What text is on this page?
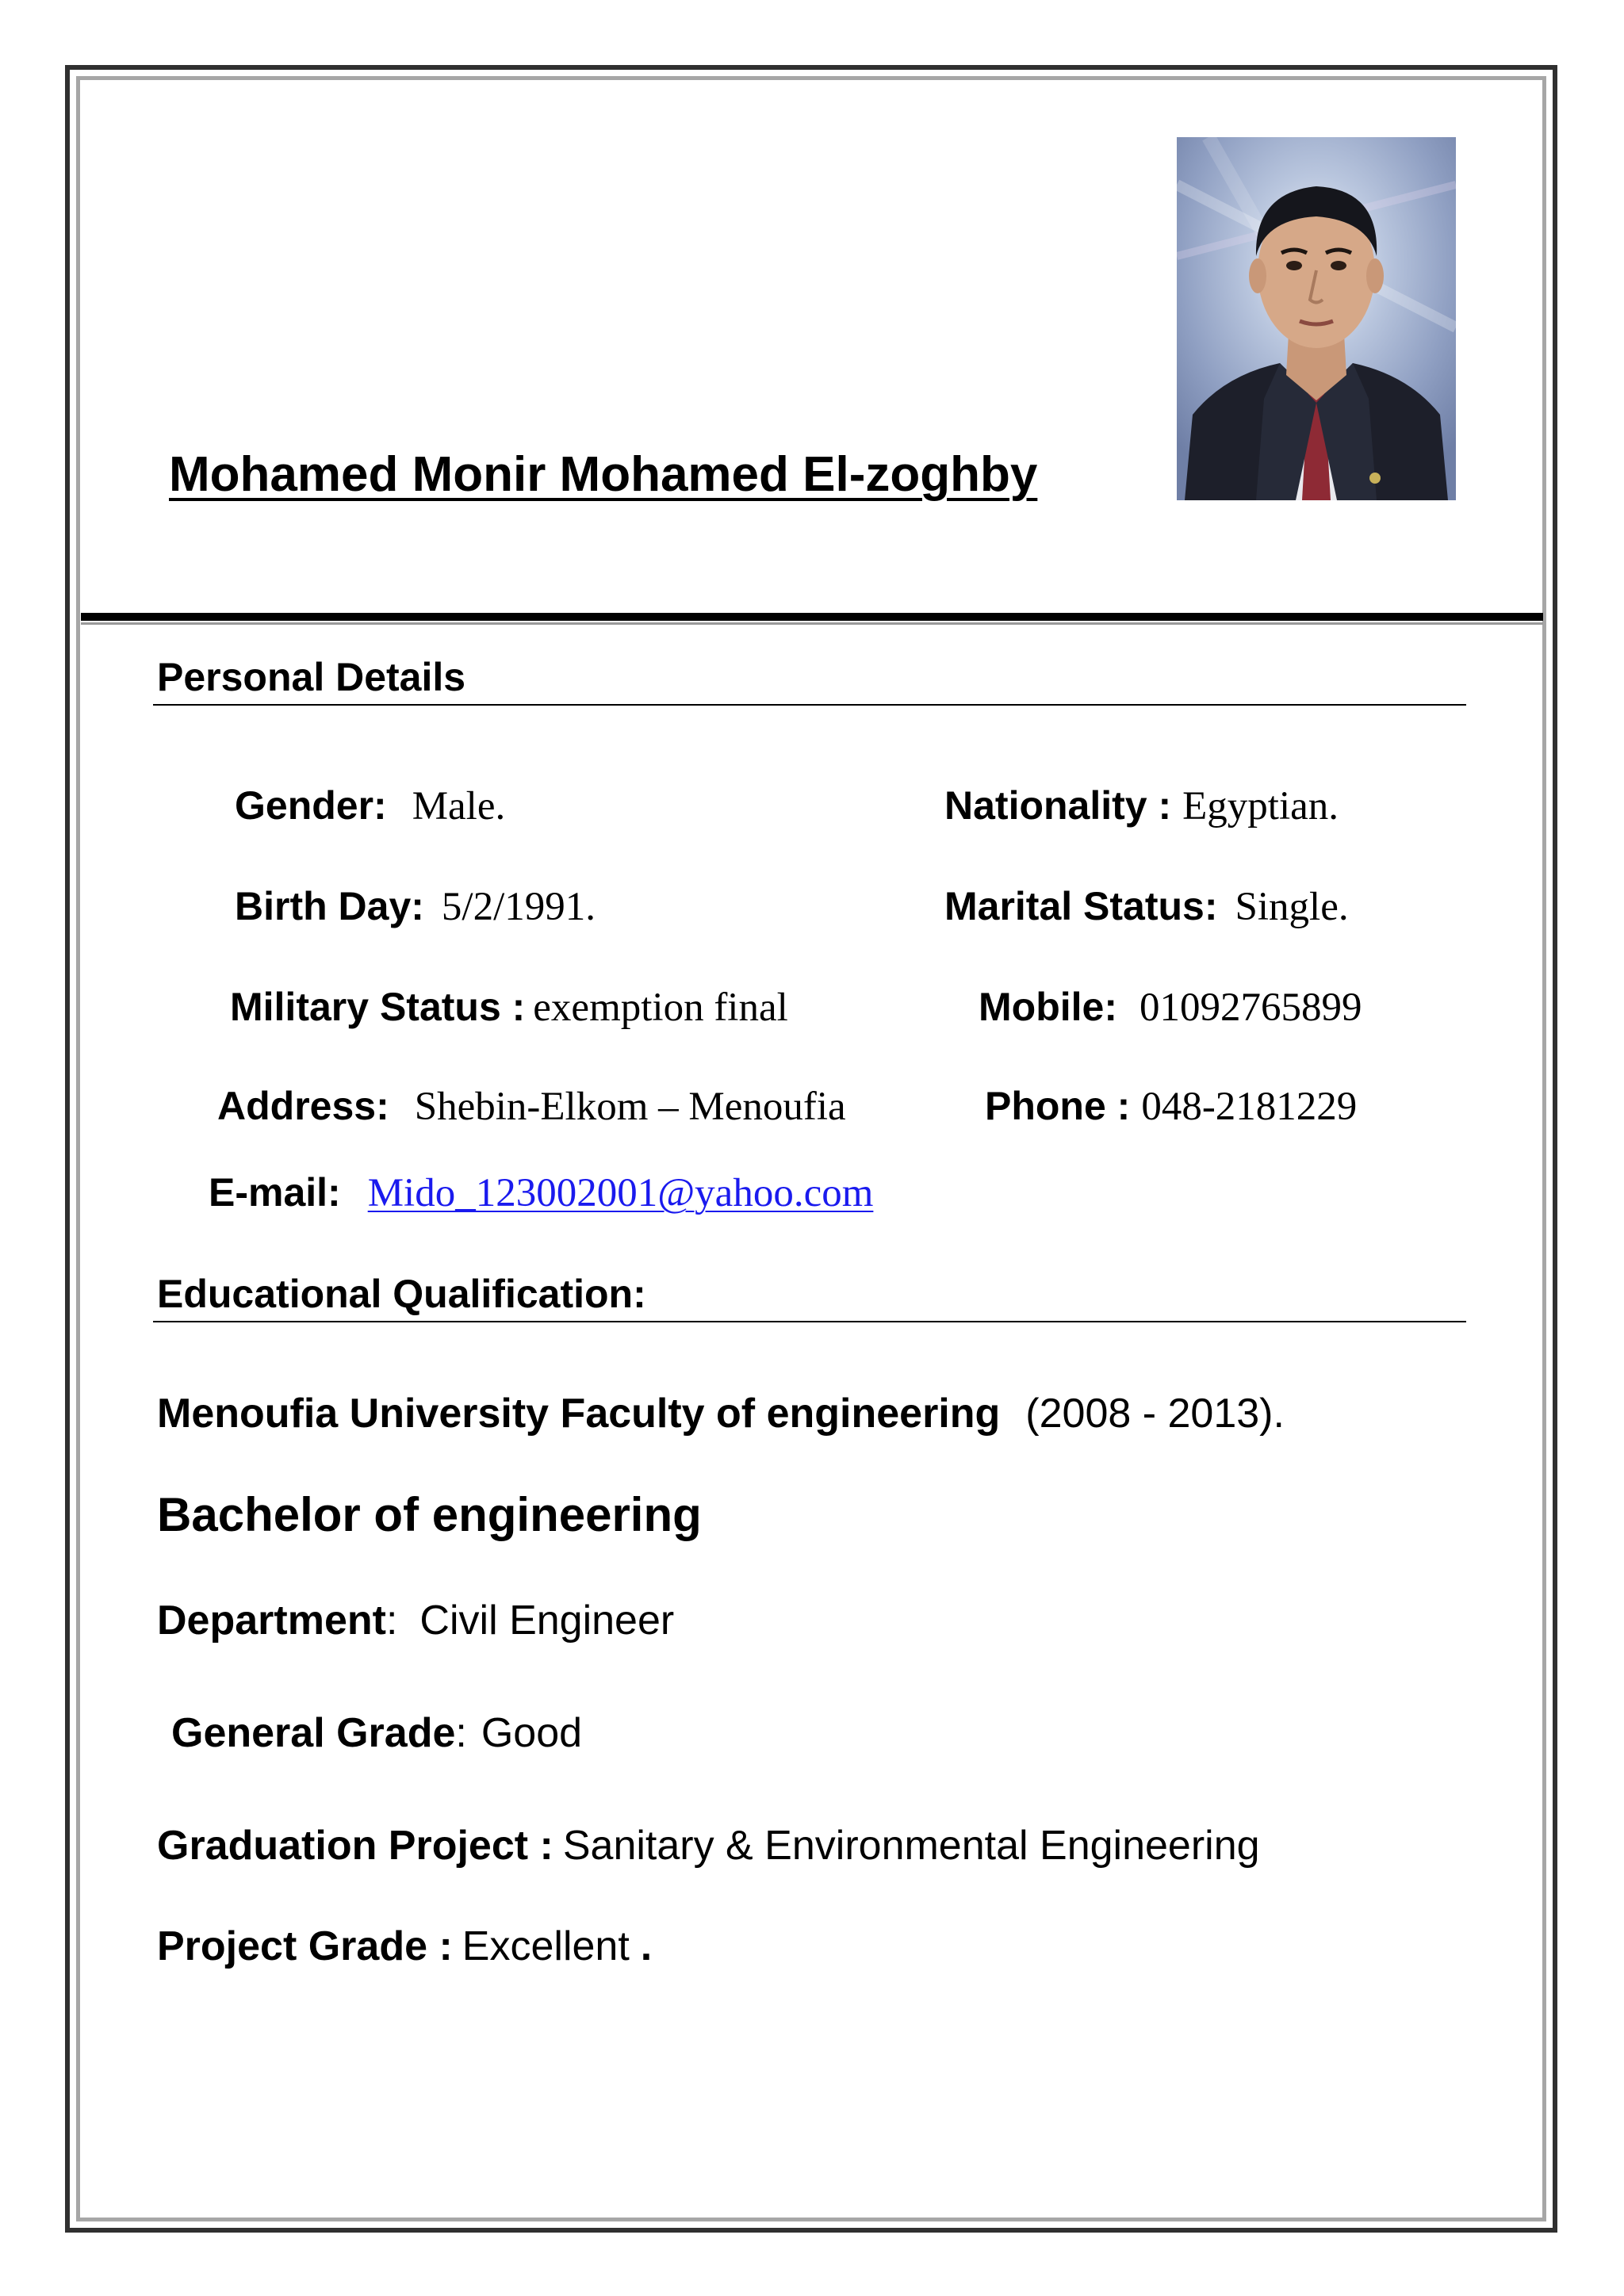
Mohamed Monir Mohamed El-zoghby
Personal Details
Gender: Male.	Nationality : Egyptian.
Birth Day: 5/2/1991.	Marital Status: Single.
Military Status : exemption final	Mobile: 01092765899
Address: Shebin-Elkom – Menoufia	Phone : 048-2181229
E-mail: Mido_123002001@yahoo.com
Educational Qualification:
Menoufia University Faculty of engineering (2008 - 2013).
Bachelor of engineering
Department : Civil Engineer
General Grade : Good
Graduation Project : Sanitary & Environmental Engineering
Project Grade : Excellent .
